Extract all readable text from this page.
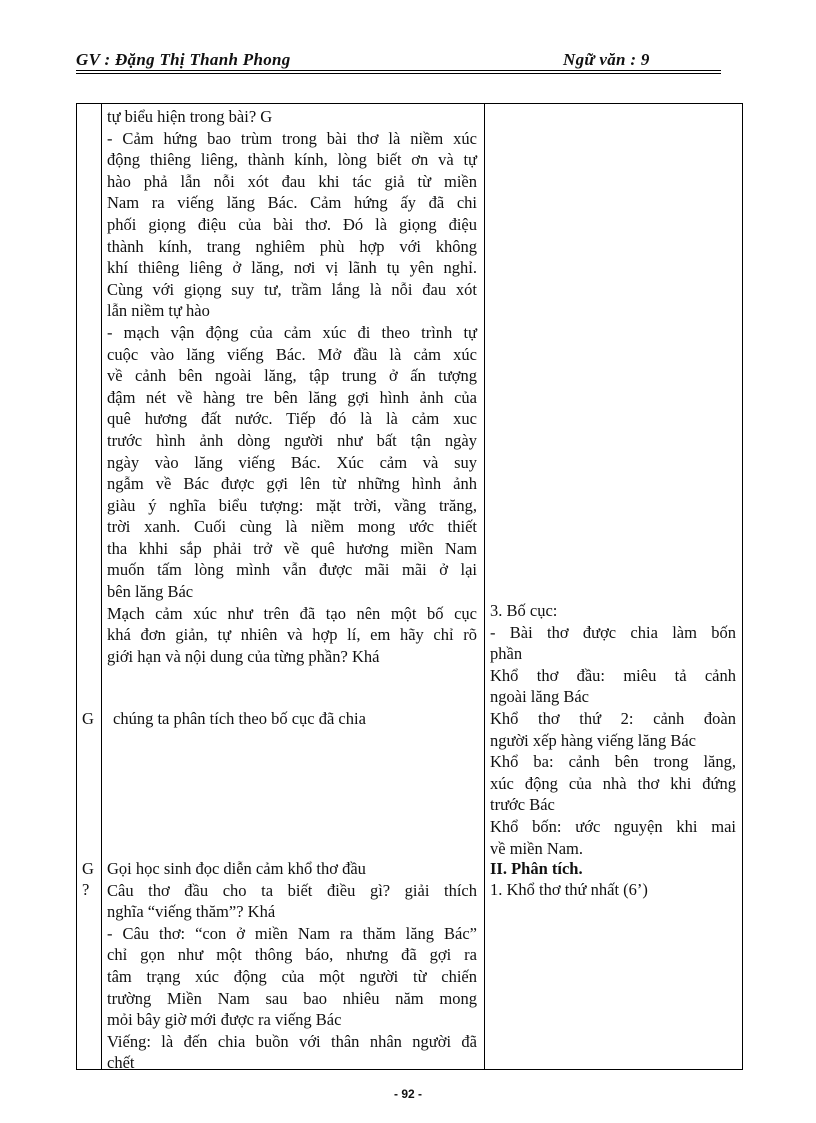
GV : Đặng Thị Thanh Phong	Ngữ văn : 9
G
G
?
tự biểu hiện trong bài? G
- Cảm hứng bao trùm trong bài thơ là niềm xúc
động thiêng liêng, thành kính, lòng biết ơn và tự
hào phả lẫn nỗi xót đau khi tác giả từ miền
Nam ra viếng lăng Bác. Cảm hứng ấy đã chi
phối giọng điệu của bài thơ. Đó là giọng điệu
thành kính, trang nghiêm phù hợp với không
khí thiêng liêng ở lăng, nơi vị lãnh tụ yên nghỉ.
Cùng với giọng suy tư, trầm lắng là nỗi đau xót
lẫn niềm tự hào
- mạch vận động của cảm xúc đi theo trình tự
cuộc vào lăng viếng Bác. Mở đầu là cảm xúc
về cảnh bên ngoài lăng, tập trung ở ấn tượng
đậm nét về hàng tre bên lăng gợi hình ảnh của
quê hương đất nước. Tiếp đó là là cảm xuc
trước hình ảnh dòng người như bất tận ngày
ngày vào lăng viếng Bác. Xúc cảm và suy
ngẫm về Bác được gợi lên từ những hình ảnh
giàu ý nghĩa biểu tượng: mặt trời, vầng trăng,
trời xanh. Cuối cùng là niềm mong ước thiết
tha khhi sắp phải trở về quê hương miền Nam
muốn tấm lòng mình vẫn được mãi mãi ở lại
bên lăng Bác
Mạch cảm xúc như trên đã tạo nên một bố cục
khá đơn giản, tự nhiên và hợp lí, em hãy chỉ rõ
giới hạn và nội dung của từng phần? Khá
chúng ta phân tích theo bố cục đã chia
Gọi học sinh đọc diễn cảm khổ thơ đầu
Câu thơ đầu cho ta biết điều gì? giải thích
nghĩa “viếng thăm”? Khá
- Câu thơ: “con ở miền Nam ra thăm lăng Bác”
chỉ gọn như một thông báo, nhưng đã gợi ra
tâm trạng xúc động của một người từ chiến
trường Miền Nam sau bao nhiêu năm mong
mỏi bây giờ mới được ra viếng Bác
Viếng: là đến chia buồn với thân nhân người đã
chết
3. Bố cục:
- Bài thơ được chia làm bốn
phần
Khổ thơ đầu: miêu tả cảnh
ngoài lăng Bác
Khổ thơ thứ 2: cảnh đoàn
người xếp hàng viếng lăng Bác
Khổ ba: cảnh bên trong lăng,
xúc động của nhà thơ khi đứng
trước Bác
Khổ bốn: ước nguyện khi mai
về miền Nam.
II. Phân tích.
1. Khổ thơ thứ nhất (6’)
- 92 -
